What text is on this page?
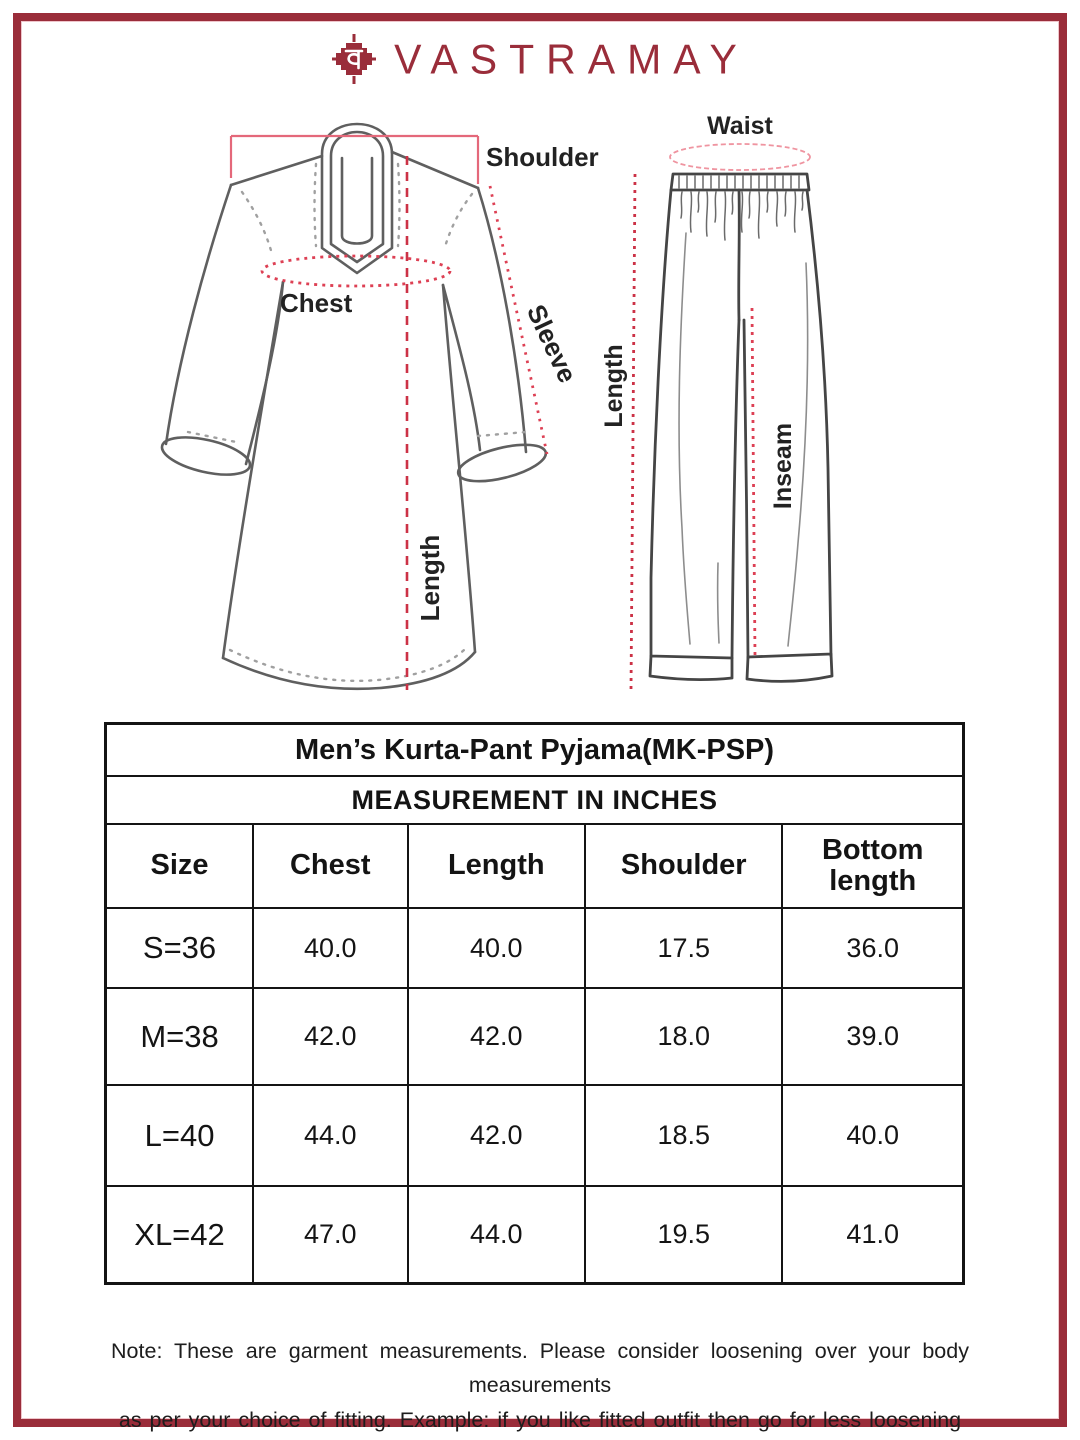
VASTRAMAY
Shoulder
Chest	Sleeve
Length
Waist
Length
Inseam
Men’s Kurta-Pant Pyjama(MK-PSP)				
MEASUREMENT IN INCHES				
Size	Chest	Length	Shoulder	Bottom length
S=36	40.0	40.0	17.5	36.0
M=38	42.0	42.0	18.0	39.0
L=40	44.0	42.0	18.5	40.0
XL=42	47.0	44.0	19.5	41.0
Note: These are garment measurements. Please consider loosening over your body measurements
as per your choice of fitting. Example: if you like fitted outfit then go for less loosening
